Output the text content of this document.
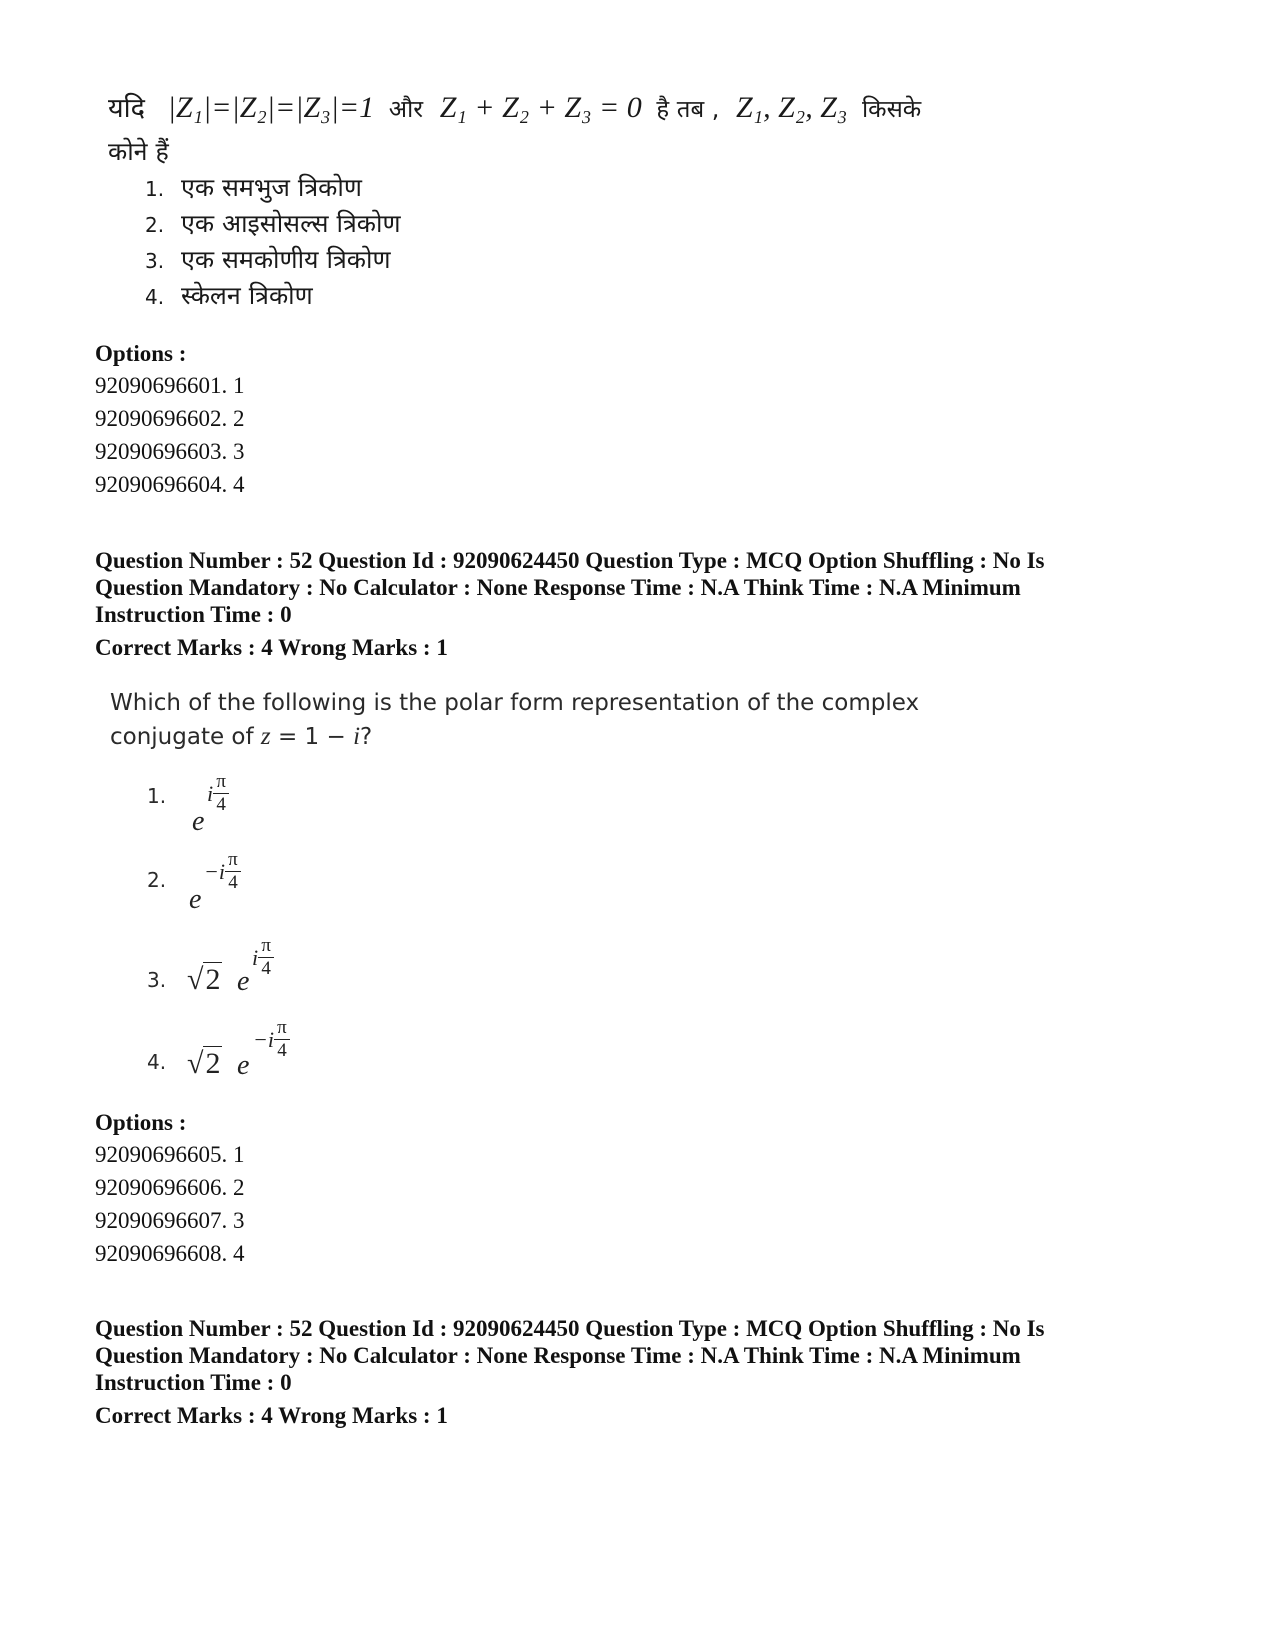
यदि |Z₁|=|Z₂|=|Z₃|=1 और Z₁ + Z₂ + Z₃ = 0 है तब , Z₁, Z₂, Z₃ किसके
कोने हैं
1. एक समभुज त्रिकोण
2. एक आइसोसल्स त्रिकोण
3. एक समकोणीय त्रिकोण
4. स्केलन त्रिकोण
Options :
92090696601. 1
92090696602. 2
92090696603. 3
92090696604. 4
Question Number : 52 Question Id : 92090624450 Question Type : MCQ Option Shuffling : No Is
Question Mandatory : No Calculator : None Response Time : N.A Think Time : N.A Minimum
Instruction Time : 0
Correct Marks : 4 Wrong Marks : 1
Which of the following is the polar form representation of the complex
conjugate of z = 1 − i?
1.
e
i $\frac{\pi}{4}$
2.
e
$-i \frac{\pi}{4}$
3. √2 e
i $\frac{\pi}{4}$
4. √2 e
$-i \frac{\pi}{4}$
Options :
92090696605. 1
92090696606. 2
92090696607. 3
92090696608. 4
Question Number : 52 Question Id : 92090624450 Question Type : MCQ Option Shuffling : No Is
Question Mandatory : No Calculator : None Response Time : N.A Think Time : N.A Minimum
Instruction Time : 0
Correct Marks : 4 Wrong Marks : 1
